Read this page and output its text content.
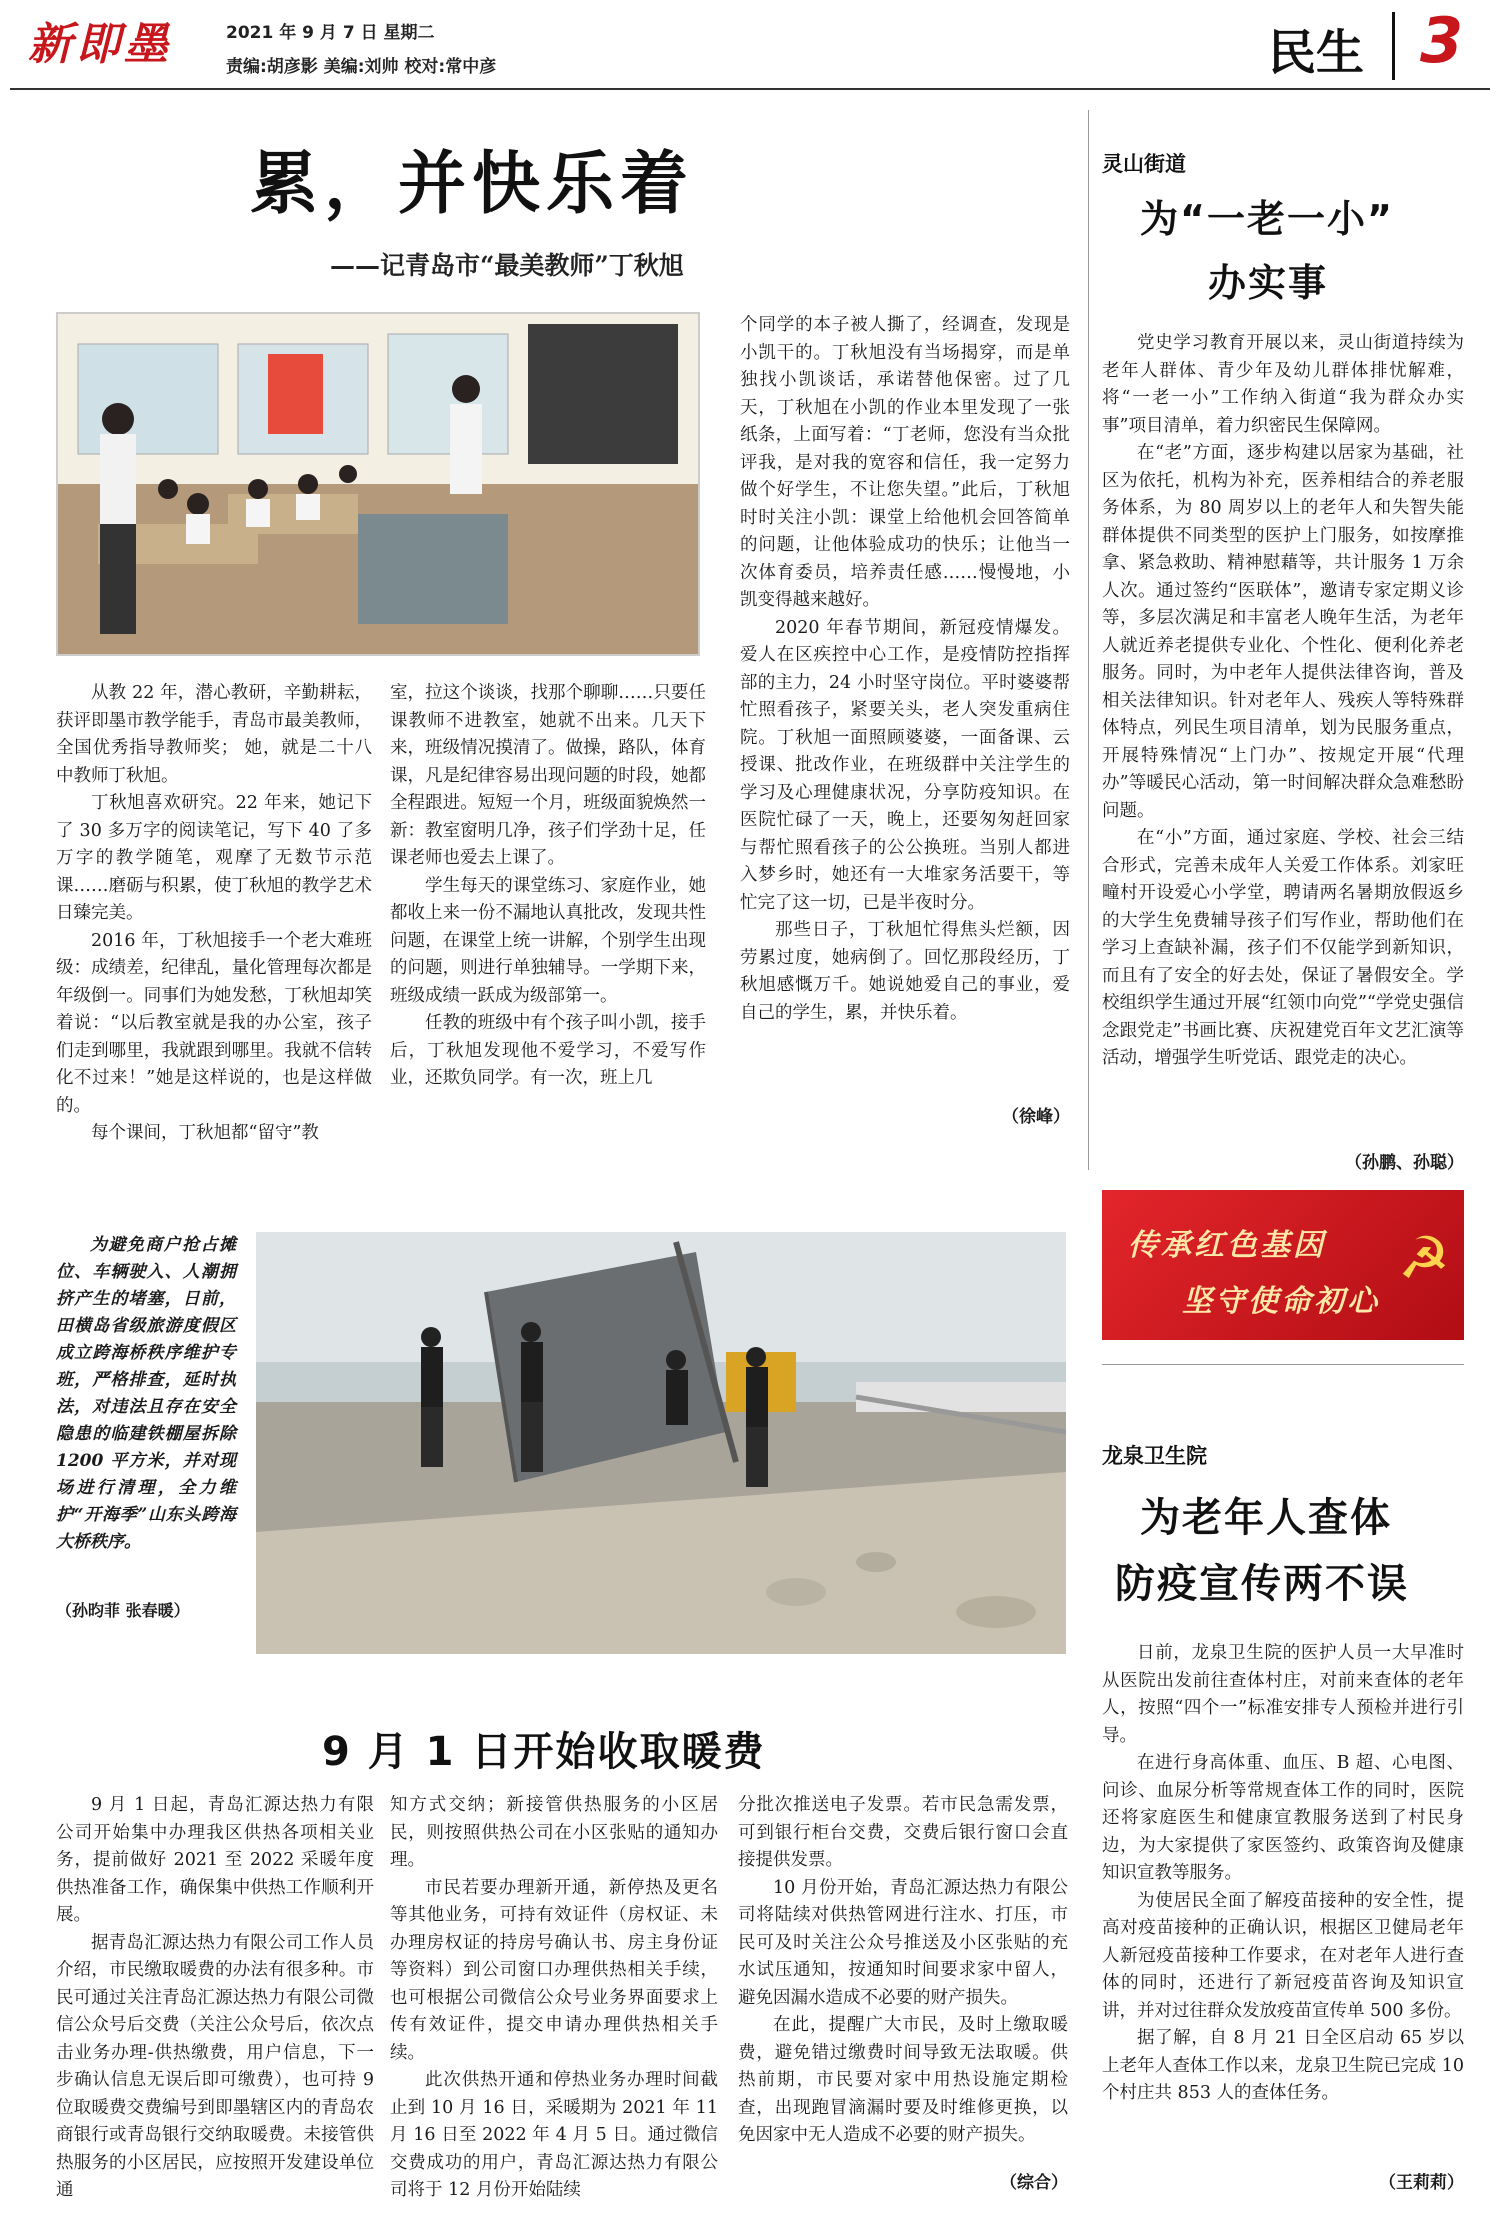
新即墨	2021 年 9 月 7 日 星期二
责编:胡彦影 美编:刘帅 校对:常中彦	民生 3
累，并快乐着
——记青岛市“最美教师”丁秋旭

从教 22 年，潜心教研，辛勤耕耘，获评即墨市教学能手，青岛市最美教师，全国优秀指导教师奖； 她，就是二十八中教师丁秋旭。

丁秋旭喜欢研究。22 年来，她记下了 30 多万字的阅读笔记，写下 40 了多万字的教学随笔，观摩了无数节示范课……磨砺与积累，使丁秋旭的教学艺术日臻完美。

2016 年，丁秋旭接手一个老大难班级：成绩差，纪律乱，量化管理每次都是年级倒一。同事们为她发愁，丁秋旭却笑着说：“以后教室就是我的办公室，孩子们走到哪里，我就跟到哪里。我就不信转化不过来！”她是这样说的，也是这样做的。

每个课间，丁秋旭都“留守”教

室，拉这个谈谈，找那个聊聊……只要任课教师不进教室，她就不出来。几天下来，班级情况摸清了。做操，路队，体育课，凡是纪律容易出现问题的时段，她都全程跟进。短短一个月，班级面貌焕然一新：教室窗明几净，孩子们学劲十足，任课老师也爱去上课了。

学生每天的课堂练习、家庭作业，她都收上来一份不漏地认真批改，发现共性问题，在课堂上统一讲解，个别学生出现的问题，则进行单独辅导。一学期下来，班级成绩一跃成为级部第一。

任教的班级中有个孩子叫小凯，接手后，丁秋旭发现他不爱学习，不爱写作业，还欺负同学。有一次，班上几

个同学的本子被人撕了，经调查，发现是小凯干的。丁秋旭没有当场揭穿，而是单独找小凯谈话，承诺替他保密。过了几天，丁秋旭在小凯的作业本里发现了一张纸条，上面写着：“丁老师，您没有当众批评我，是对我的宽容和信任，我一定努力做个好学生，不让您失望。”此后，丁秋旭时时关注小凯：课堂上给他机会回答简单的问题，让他体验成功的快乐；让他当一次体育委员，培养责任感……慢慢地，小凯变得越来越好。

2020 年春节期间，新冠疫情爆发。爱人在区疾控中心工作，是疫情防控指挥部的主力，24 小时坚守岗位。平时婆婆帮忙照看孩子，紧要关头，老人突发重病住院。丁秋旭一面照顾婆婆，一面备课、云授课、批改作业，在班级群中关注学生的学习及心理健康状况，分享防疫知识。在医院忙碌了一天，晚上，还要匆匆赶回家与帮忙照看孩子的公公换班。当别人都进入梦乡时，她还有一大堆家务活要干，等忙完了这一切，已是半夜时分。

那些日子，丁秋旭忙得焦头烂额，因劳累过度，她病倒了。回忆那段经历，丁秋旭感慨万千。她说她爱自己的事业，爱自己的学生，累，并快乐着。

（徐峰）
灵山街道
为“一老一小”
办实事

党史学习教育开展以来，灵山街道持续为老年人群体、青少年及幼儿群体排忧解难，将“一老一小”工作纳入街道“我为群众办实事”项目清单，着力织密民生保障网。

在“老”方面，逐步构建以居家为基础，社区为依托，机构为补充，医养相结合的养老服务体系，为 80 周岁以上的老年人和失智失能群体提供不同类型的医护上门服务，如按摩推拿、紧急救助、精神慰藉等，共计服务 1 万余人次。通过签约“医联体”，邀请专家定期义诊等，多层次满足和丰富老人晚年生活，为老年人就近养老提供专业化、个性化、便利化养老服务。同时，为中老年人提供法律咨询，普及相关法律知识。针对老年人、残疾人等特殊群体特点，列民生项目清单，划为民服务重点，开展特殊情况“上门办”、按规定开展“代理办”等暖民心活动，第一时间解决群众急难愁盼问题。

在“小”方面，通过家庭、学校、社会三结合形式，完善未成年人关爱工作体系。刘家旺疃村开设爱心小学堂，聘请两名暑期放假返乡的大学生免费辅导孩子们写作业，帮助他们在学习上查缺补漏，孩子们不仅能学到新知识，而且有了安全的好去处，保证了暑假安全。学校组织学生通过开展“红领巾向党”“学党史强信念跟党走”书画比赛、庆祝建党百年文艺汇演等活动，增强学生听党话、跟党走的决心。

（孙鹏、孙聪）
传承红色基因
坚守使命初心
☭
为避免商户抢占摊位、车辆驶入、人潮拥挤产生的堵塞，日前，田横岛省级旅游度假区成立跨海桥秩序维护专班，严格排查，延时执法，对违法且存在安全隐患的临建铁棚屋拆除 1200 平方米，并对现场进行清理，全力维护“开海季”山东头跨海大桥秩序。
（孙昀菲 张春暖）
9 月 1 日开始收取暖费

9 月 1 日起，青岛汇源达热力有限公司开始集中办理我区供热各项相关业务，提前做好 2021 至 2022 采暖年度供热准备工作，确保集中供热工作顺利开展。

据青岛汇源达热力有限公司工作人员介绍，市民缴取暖费的办法有很多种。市民可通过关注青岛汇源达热力有限公司微信公众号后交费（关注公众号后，依次点击业务办理-供热缴费，用户信息，下一步确认信息无误后即可缴费），也可持 9 位取暖费交费编号到即墨辖区内的青岛农商银行或青岛银行交纳取暖费。未接管供热服务的小区居民，应按照开发建设单位通

知方式交纳；新接管供热服务的小区居民，则按照供热公司在小区张贴的通知办理。

市民若要办理新开通，新停热及更名等其他业务，可持有效证件（房权证、未办理房权证的持房号确认书、房主身份证等资料）到公司窗口办理供热相关手续，也可根据公司微信公众号业务界面要求上传有效证件，提交申请办理供热相关手续。

此次供热开通和停热业务办理时间截止到 10 月 16 日，采暖期为 2021 年 11 月 16 日至 2022 年 4 月 5 日。通过微信交费成功的用户，青岛汇源达热力有限公司将于 12 月份开始陆续

分批次推送电子发票。若市民急需发票，可到银行柜台交费，交费后银行窗口会直接提供发票。

10 月份开始，青岛汇源达热力有限公司将陆续对供热管网进行注水、打压，市民可及时关注公众号推送及小区张贴的充水试压通知，按通知时间要求家中留人，避免因漏水造成不必要的财产损失。

在此，提醒广大市民，及时上缴取暖费，避免错过缴费时间导致无法取暖。供热前期，市民要对家中用热设施定期检查，出现跑冒滴漏时要及时维修更换，以免因家中无人造成不必要的财产损失。

（综合）
龙泉卫生院
为老年人查体
防疫宣传两不误

日前，龙泉卫生院的医护人员一大早准时从医院出发前往查体村庄，对前来查体的老年人，按照“四个一”标准安排专人预检并进行引导。

在进行身高体重、血压、B 超、心电图、问诊、血尿分析等常规查体工作的同时，医院还将家庭医生和健康宣教服务送到了村民身边，为大家提供了家医签约、政策咨询及健康知识宣教等服务。

为使居民全面了解疫苗接种的安全性，提高对疫苗接种的正确认识，根据区卫健局老年人新冠疫苗接种工作要求，在对老年人进行查体的同时，还进行了新冠疫苗咨询及知识宣讲，并对过往群众发放疫苗宣传单 500 多份。

据了解，自 8 月 21 日全区启动 65 岁以上老年人查体工作以来，龙泉卫生院已完成 10 个村庄共 853 人的查体任务。

（王莉莉）
